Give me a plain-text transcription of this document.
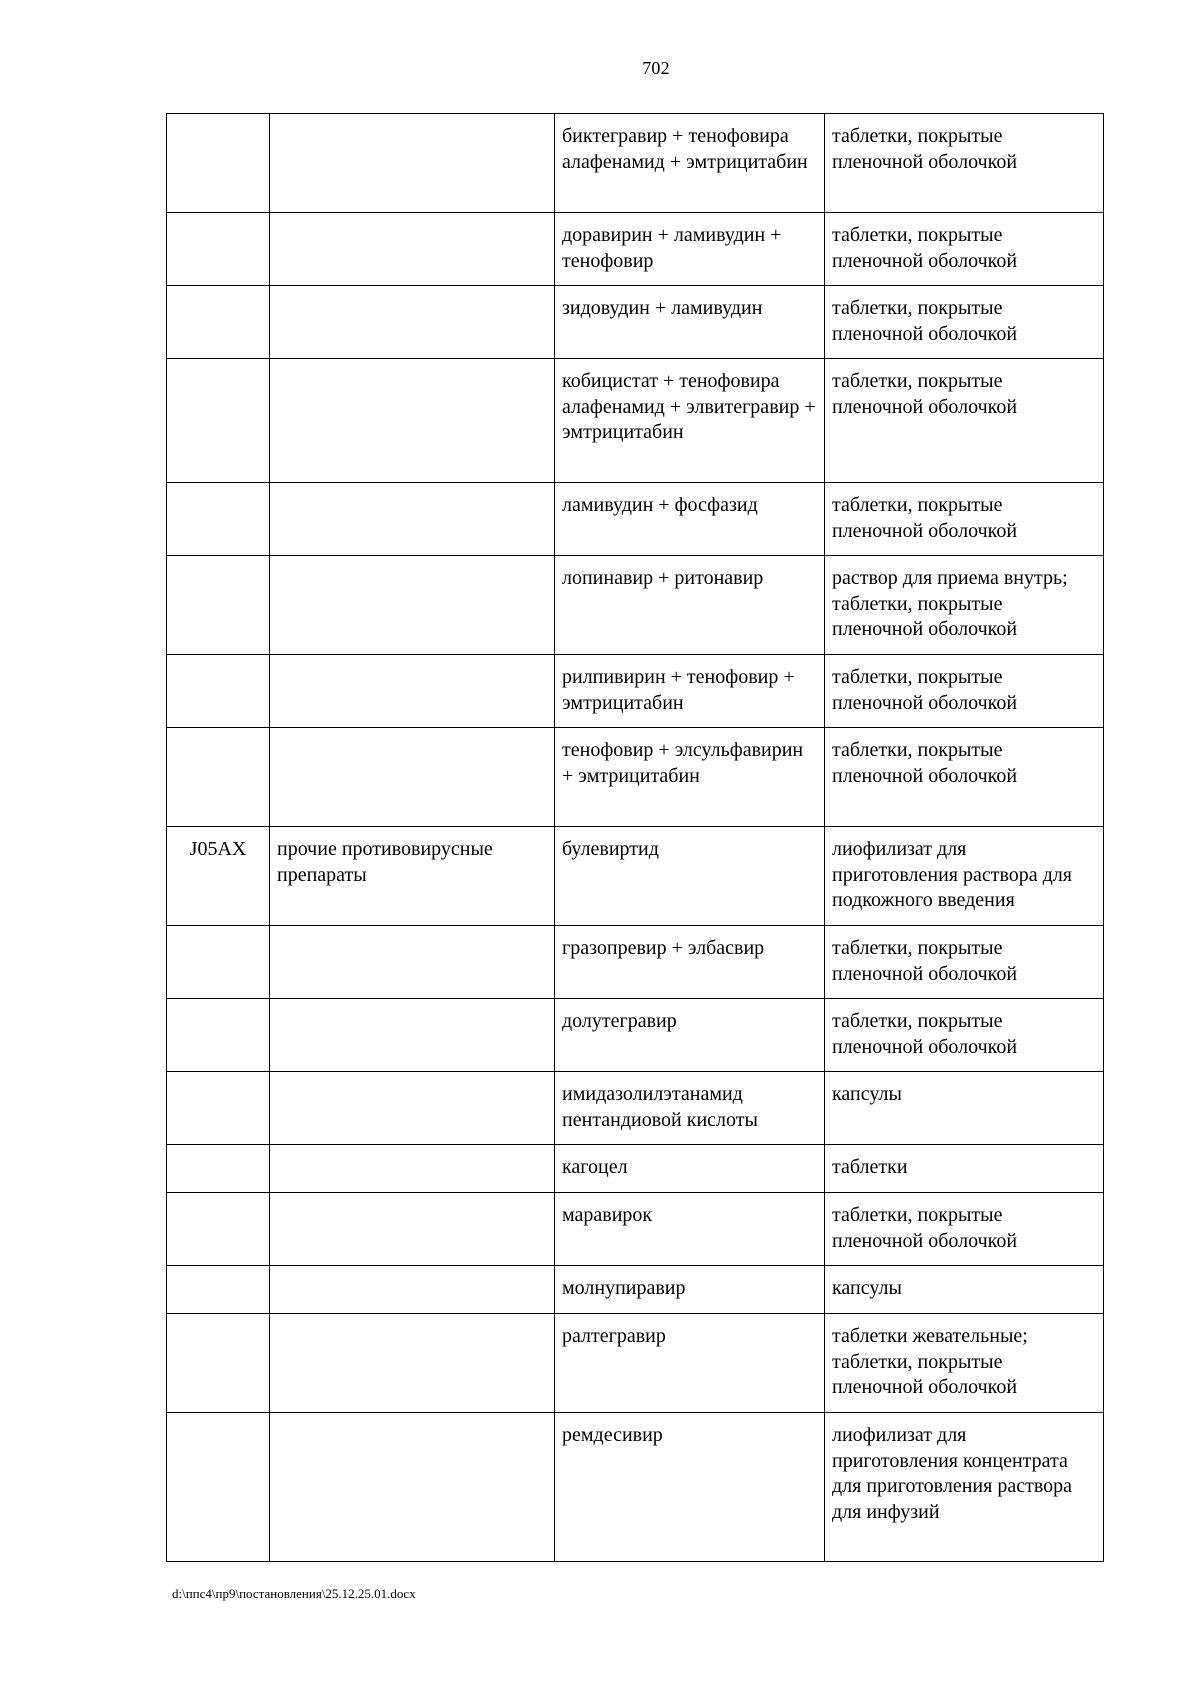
702
		биктегравир + тенофовира алафенамид + эмтрицитабин	таблетки, покрытые пленочной оболочкой
		доравирин + ламивудин + тенофовир	таблетки, покрытые пленочной оболочкой
		зидовудин + ламивудин	таблетки, покрытые пленочной оболочкой
		кобицистат + тенофовира алафенамид + элвитегравир + эмтрицитабин	таблетки, покрытые пленочной оболочкой
		ламивудин + фосфазид	таблетки, покрытые пленочной оболочкой
		лопинавир + ритонавир	раствор для приема внутрь; таблетки, покрытые пленочной оболочкой
		рилпивирин + тенофовир + эмтрицитабин	таблетки, покрытые пленочной оболочкой
		тенофовир + элсульфавирин + эмтрицитабин	таблетки, покрытые пленочной оболочкой
J05AX	прочие противовирусные препараты	булевиртид	лиофилизат для приготовления раствора для подкожного введения
		гразопревир + элбасвир	таблетки, покрытые пленочной оболочкой
		долутегравир	таблетки, покрытые пленочной оболочкой
		имидазолилэтанамид пентандиовой кислоты	капсулы
		кагоцел	таблетки
		маравирок	таблетки, покрытые пленочной оболочкой
		молнупиравир	капсулы
		ралтегравир	таблетки жевательные; таблетки, покрытые пленочной оболочкой
		ремдесивир	лиофилизат для приготовления концентрата для приготовления раствора для инфузий
d:\ппс4\пр9\постановления\25.12.25.01.docx
